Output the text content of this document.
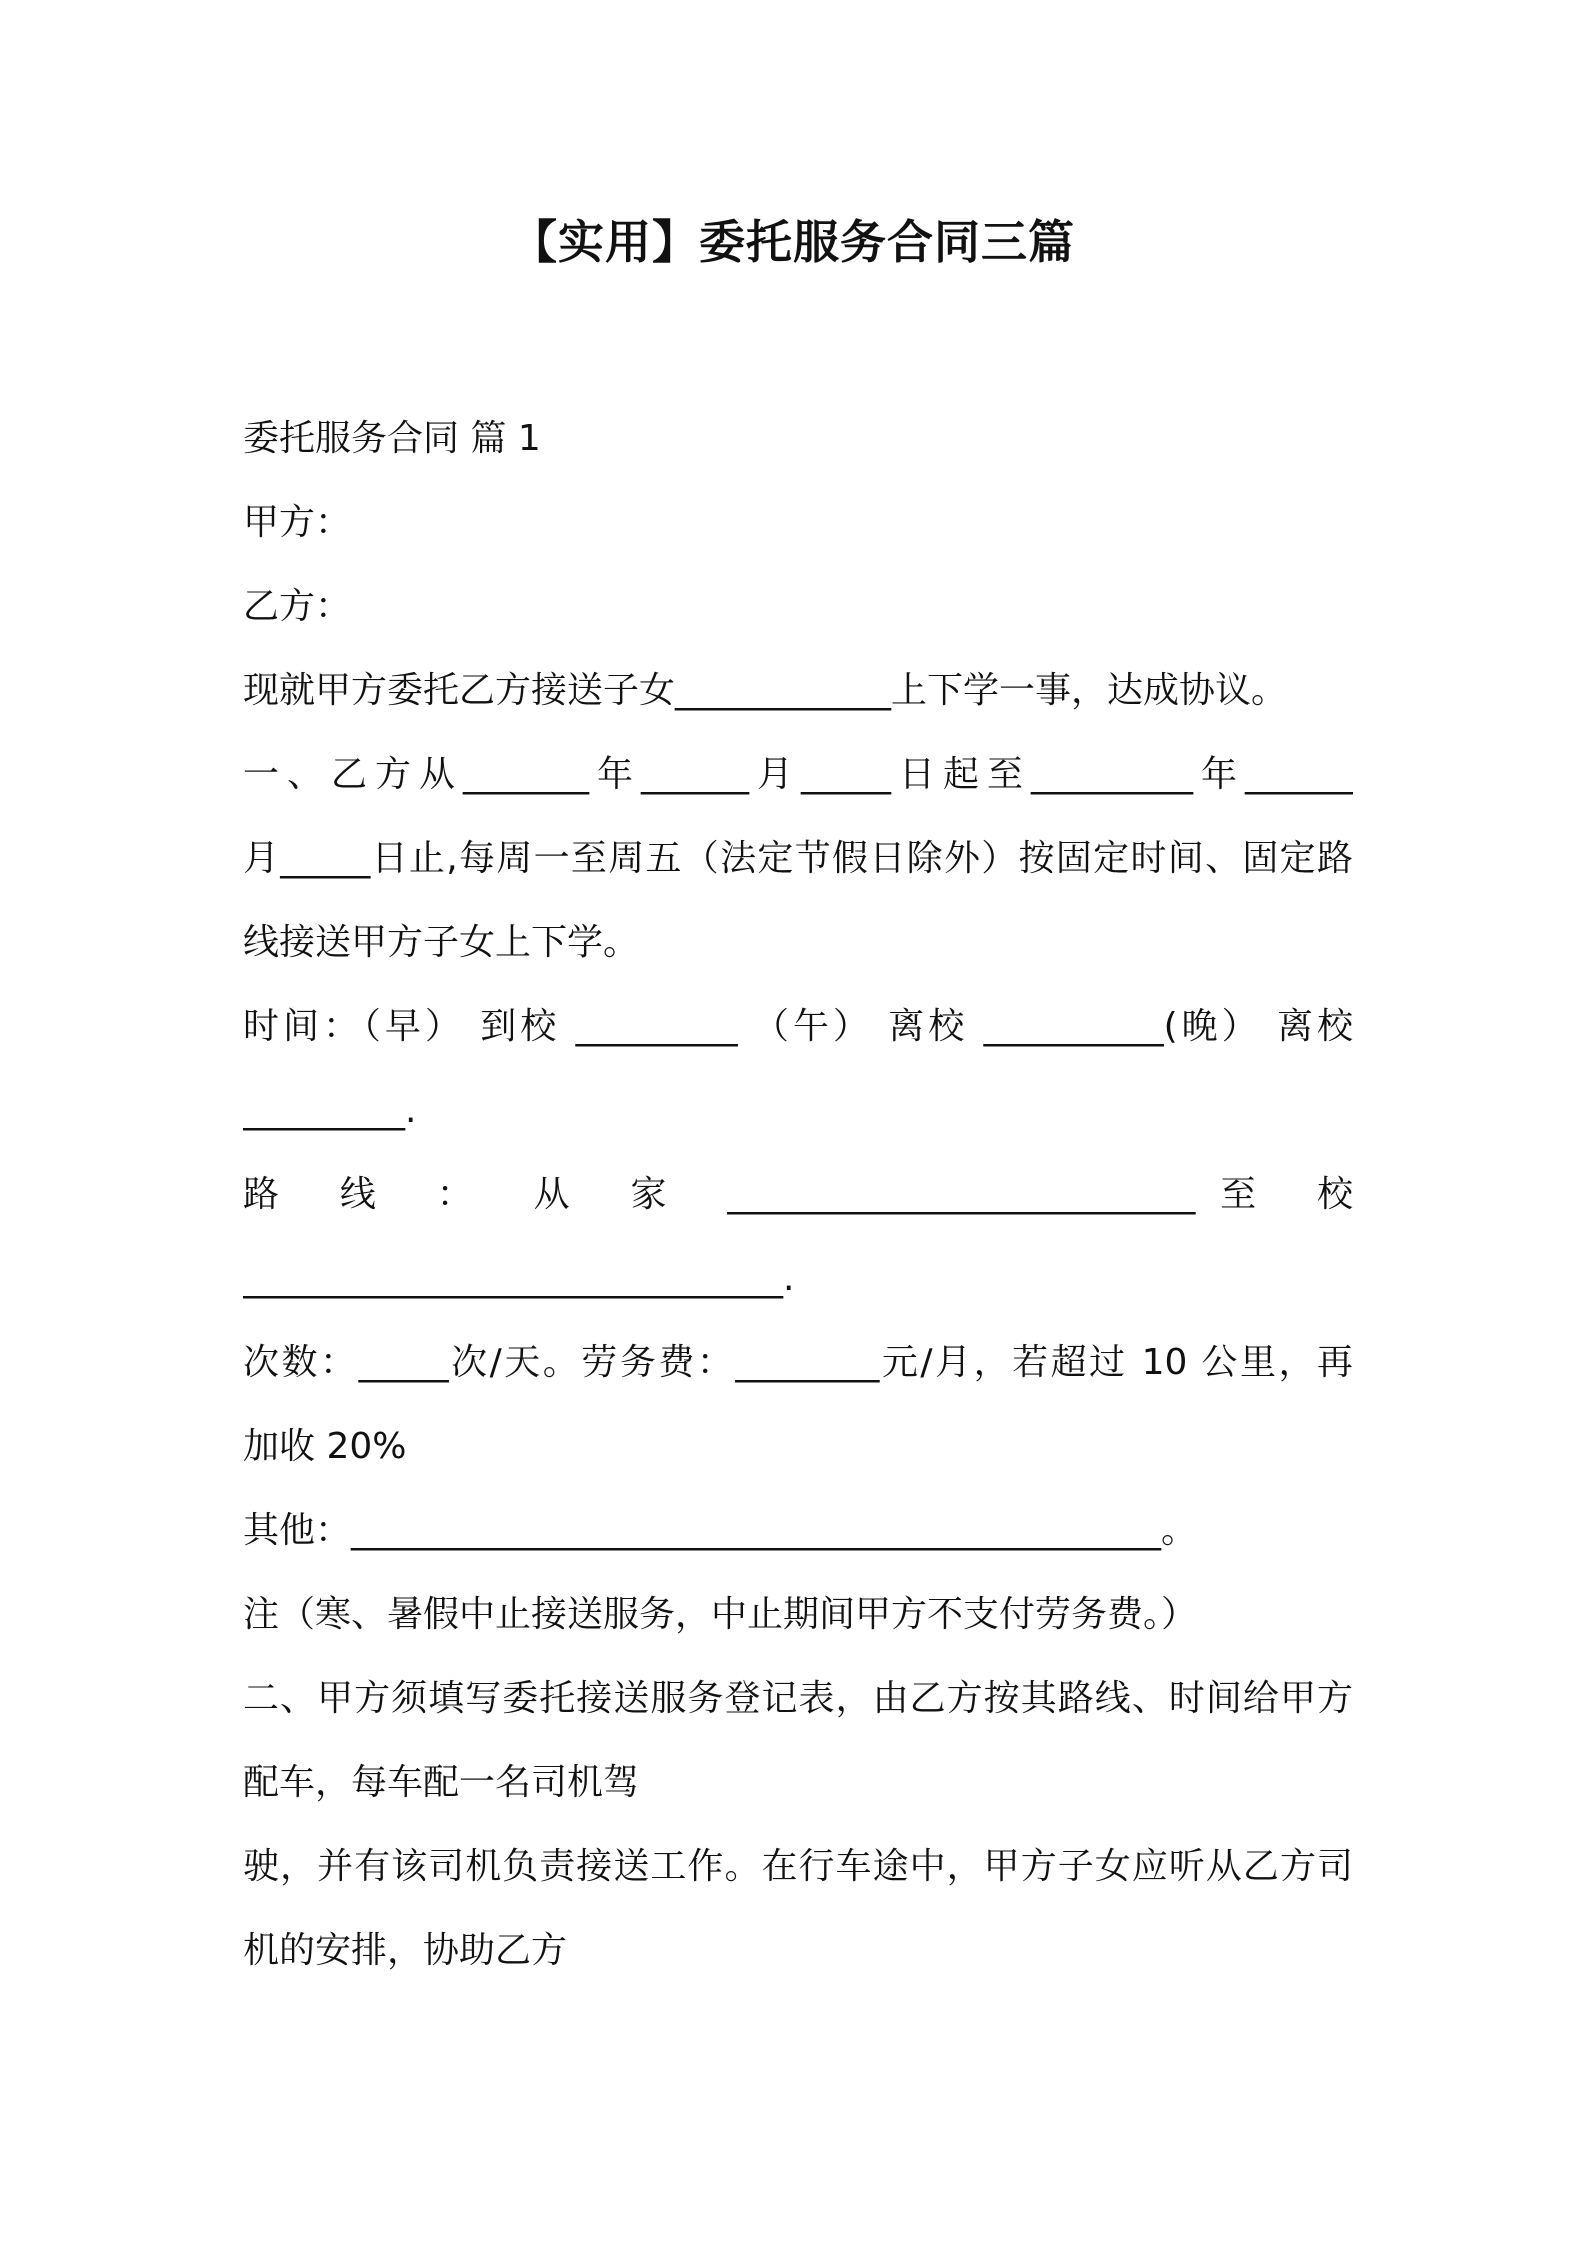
【实用】委托服务合同三篇
委托服务合同 篇 1
甲方：
乙方：
现就甲方委托乙方接送子女____________上下学一事，达成协议。
一、乙方从_______年______月_____日起至_________年______
月_____日止,每周一至周五（法定节假日除外）按固定时间、固定路
线接送甲方子女上下学。
时间：（早） 到校 _________ （午） 离校 __________(晚） 离校
_________.
路 线 ： 从 家 __________________________至 校
______________________________.
次数：_____次/天。劳务费：________元/月，若超过 10 公里，再
加收 20%
其他：_____________________________________________。
注（寒、暑假中止接送服务，中止期间甲方不支付劳务费。）
二、甲方须填写委托接送服务登记表，由乙方按其路线、时间给甲方
配车，每车配一名司机驾
驶，并有该司机负责接送工作。在行车途中，甲方子女应听从乙方司
机的安排，协助乙方
